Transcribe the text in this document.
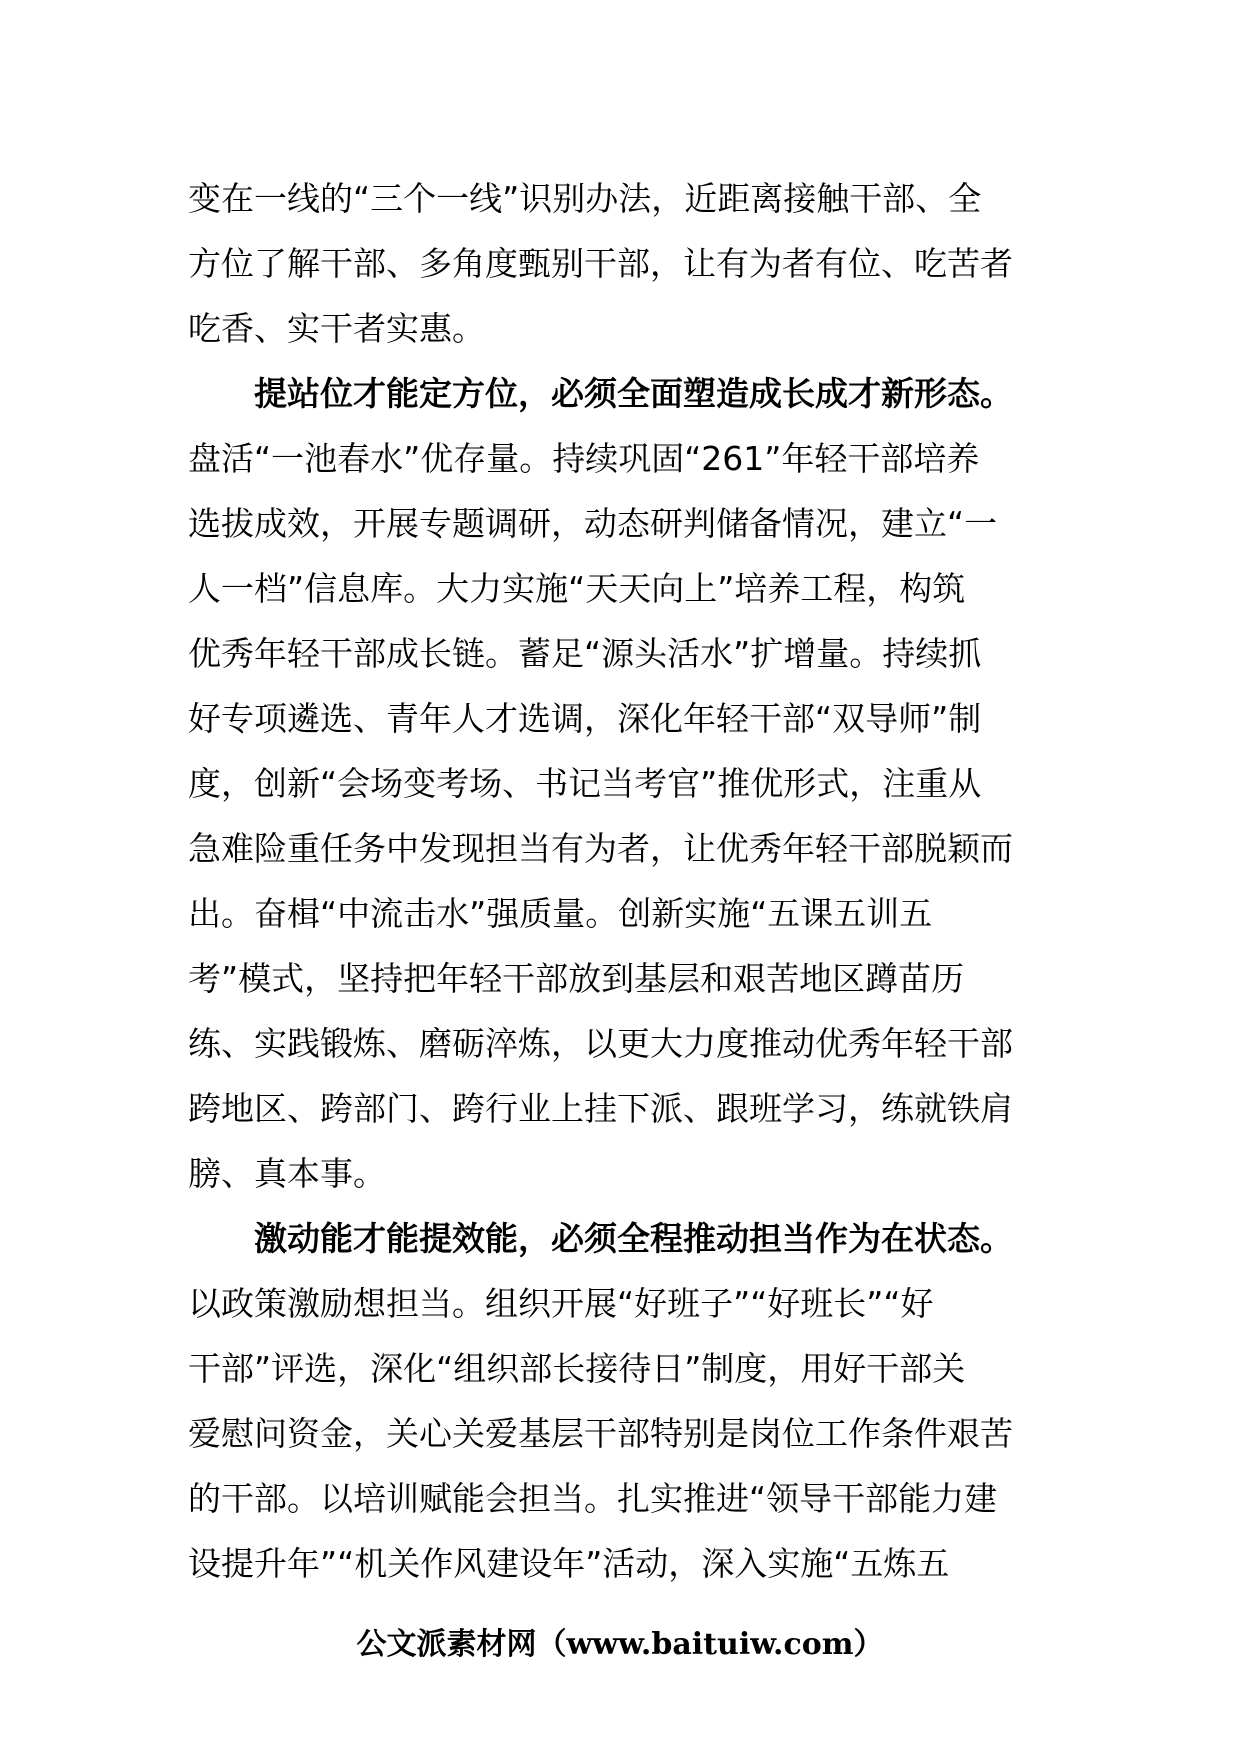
变在一线的“三个一线”识别办法，近距离接触干部、全
方位了解干部、多角度甄别干部，让有为者有位、吃苦者
吃香、实干者实惠。
提站位才能定方位，必须全面塑造成长成才新形态。
盘活“一池春水”优存量。持续巩固“261”年轻干部培养
选拔成效，开展专题调研，动态研判储备情况，建立“一
人一档”信息库。大力实施“天天向上”培养工程，构筑
优秀年轻干部成长链。蓄足“源头活水”扩增量。持续抓
好专项遴选、青年人才选调，深化年轻干部“双导师”制
度，创新“会场变考场、书记当考官”推优形式，注重从
急难险重任务中发现担当有为者，让优秀年轻干部脱颖而
出。奋楫“中流击水”强质量。创新实施“五课五训五
考”模式，坚持把年轻干部放到基层和艰苦地区蹲苗历
练、实践锻炼、磨砺淬炼，以更大力度推动优秀年轻干部
跨地区、跨部门、跨行业上挂下派、跟班学习，练就铁肩
膀、真本事。
激动能才能提效能，必须全程推动担当作为在状态。
以政策激励想担当。组织开展“好班子”“好班长”“好
干部”评选，深化“组织部长接待日”制度，用好干部关
爱慰问资金，关心关爱基层干部特别是岗位工作条件艰苦
的干部。以培训赋能会担当。扎实推进“领导干部能力建
设提升年”“机关作风建设年”活动，深入实施“五炼五
公文派素材网（www.baituiw.com）
